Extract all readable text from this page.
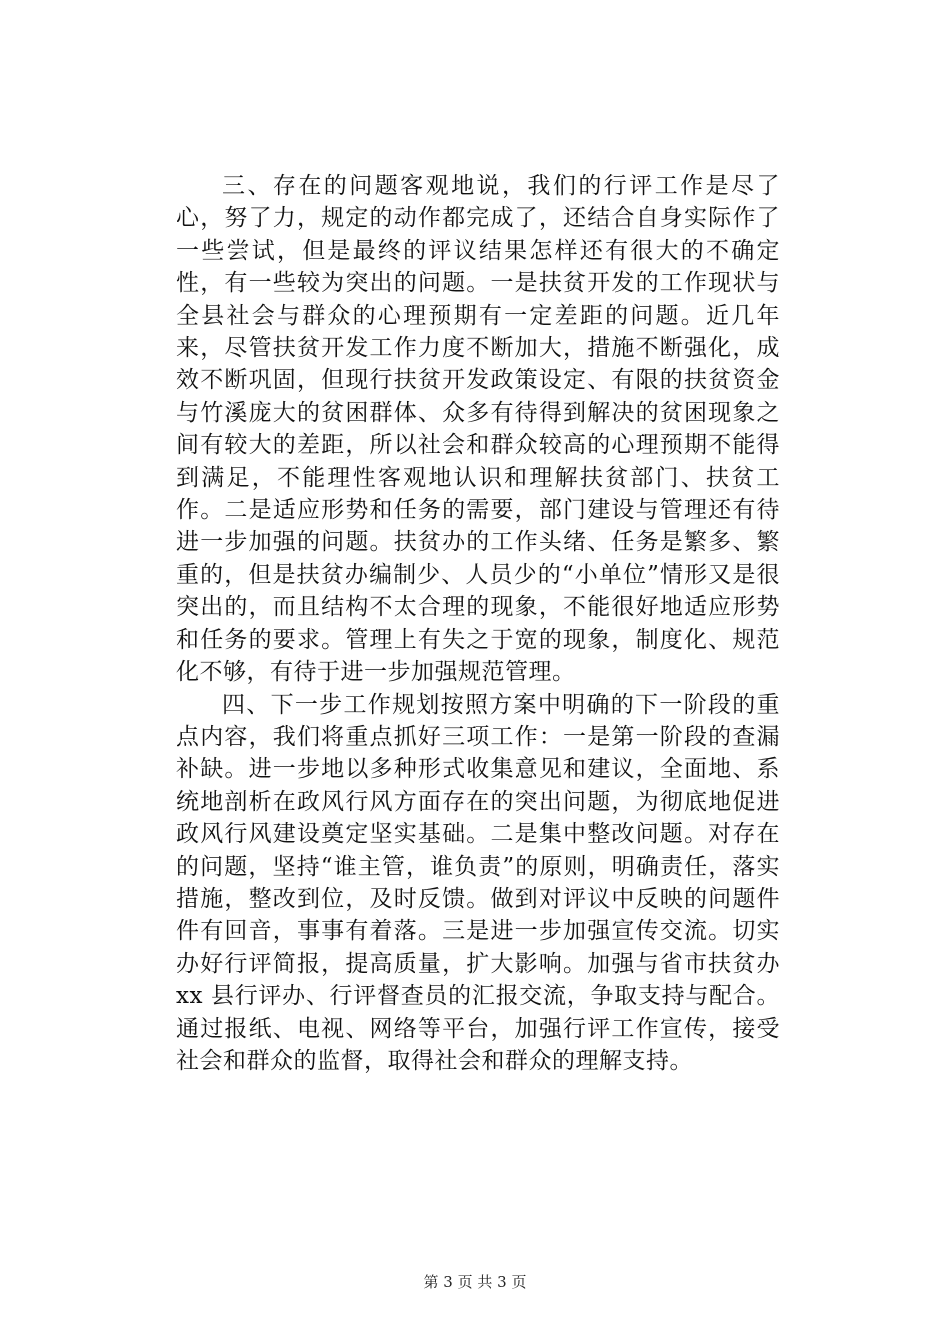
三、存在的问题客观地说，我们的行评工作是尽了心，努了力，规定的动作都完成了，还结合自身实际作了一些尝试，但是最终的评议结果怎样还有很大的不确定性，有一些较为突出的问题。一是扶贫开发的工作现状与全县社会与群众的心理预期有一定差距的问题。近几年来，尽管扶贫开发工作力度不断加大，措施不断强化，成效不断巩固，但现行扶贫开发政策设定、有限的扶贫资金与竹溪庞大的贫困群体、众多有待得到解决的贫困现象之间有较大的差距，所以社会和群众较高的心理预期不能得到满足，不能理性客观地认识和理解扶贫部门、扶贫工作。二是适应形势和任务的需要，部门建设与管理还有待进一步加强的问题。扶贫办的工作头绪、任务是繁多、繁重的，但是扶贫办编制少、人员少的“小单位”情形又是很突出的，而且结构不太合理的现象，不能很好地适应形势和任务的要求。管理上有失之于宽的现象，制度化、规范化不够，有待于进一步加强规范管理。

四、下一步工作规划按照方案中明确的下一阶段的重点内容，我们将重点抓好三项工作：一是第一阶段的查漏补缺。进一步地以多种形式收集意见和建议，全面地、系统地剖析在政风行风方面存在的突出问题，为彻底地促进政风行风建设奠定坚实基础。二是集中整改问题。对存在的问题，坚持“谁主管，谁负责”的原则，明确责任，落实措施，整改到位，及时反馈。做到对评议中反映的问题件件有回音，事事有着落。三是进一步加强宣传交流。切实办好行评简报，提高质量，扩大影响。加强与省市扶贫办 xx 县行评办、行评督查员的汇报交流，争取支持与配合。通过报纸、电视、网络等平台，加强行评工作宣传，接受社会和群众的监督，取得社会和群众的理解支持。

第 3 页 共 3 页
